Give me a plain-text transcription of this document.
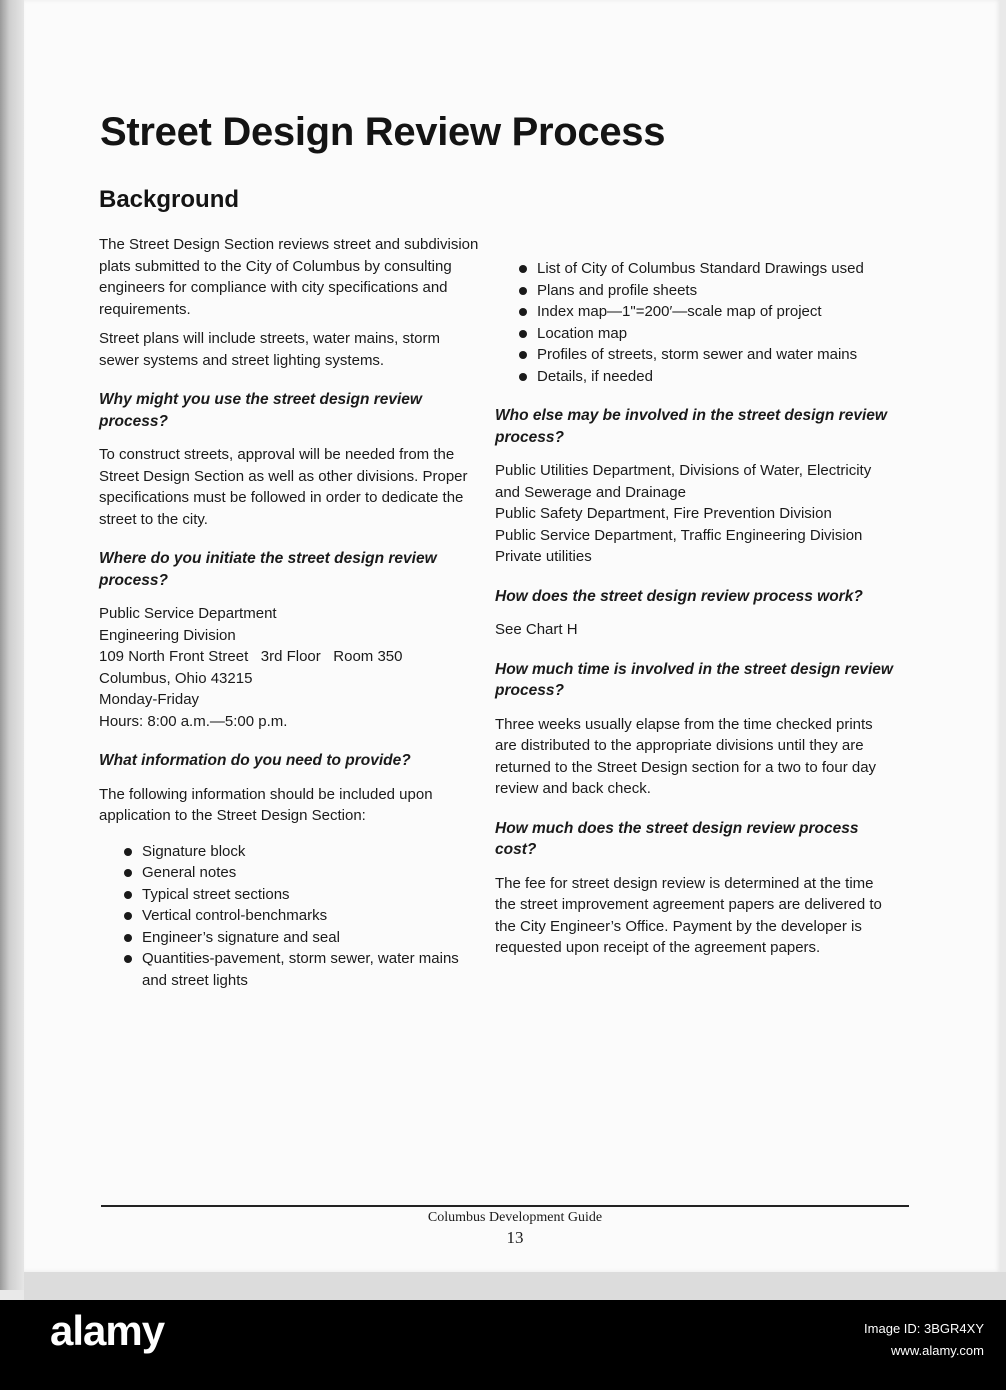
Street Design Review Process
Background

The Street Design Section reviews street and subdivision plats submitted to the City of Columbus by consulting engineers for compliance with city specifications and requirements.

Street plans will include streets, water mains, storm sewer systems and street lighting systems.

Why might you use the street design review process?

To construct streets, approval will be needed from the Street Design Section as well as other divisions. Proper specifications must be followed in order to dedicate the street to the city.

Where do you initiate the street design review process?

Public Service Department

Engineering Division

109 North Front Street   3rd Floor   Room 350

Columbus, Ohio 43215

Monday-Friday

Hours: 8:00 a.m.—5:00 p.m.

What information do you need to provide?

The following information should be included upon application to the Street Design Section:

Signature block
General notes
Typical street sections
Vertical control-benchmarks
Engineer’s signature and seal
Quantities-pavement, storm sewer, water mains and street lights
List of City of Columbus Standard Drawings used
Plans and profile sheets
Index map—1"=200′—scale map of project
Location map
Profiles of streets, storm sewer and water mains
Details, if needed
Who else may be involved in the street design review process?

Public Utilities Department, Divisions of Water, Electricity and Sewerage and Drainage

Public Safety Department, Fire Prevention Division

Public Service Department, Traffic Engineering Division

Private utilities

How does the street design review process work?

See Chart H

How much time is involved in the street design review process?

Three weeks usually elapse from the time checked prints are distributed to the appropriate divisions until they are returned to the Street Design section for a two to four day review and back check.

How much does the street design review process cost?

The fee for street design review is determined at the time the street improvement agreement papers are delivered to the City Engineer’s Office. Payment by the developer is requested upon receipt of the agreement papers.

Columbus Development Guide
13

alamy	Image ID: 3BGR4XY
www.alamy.com
